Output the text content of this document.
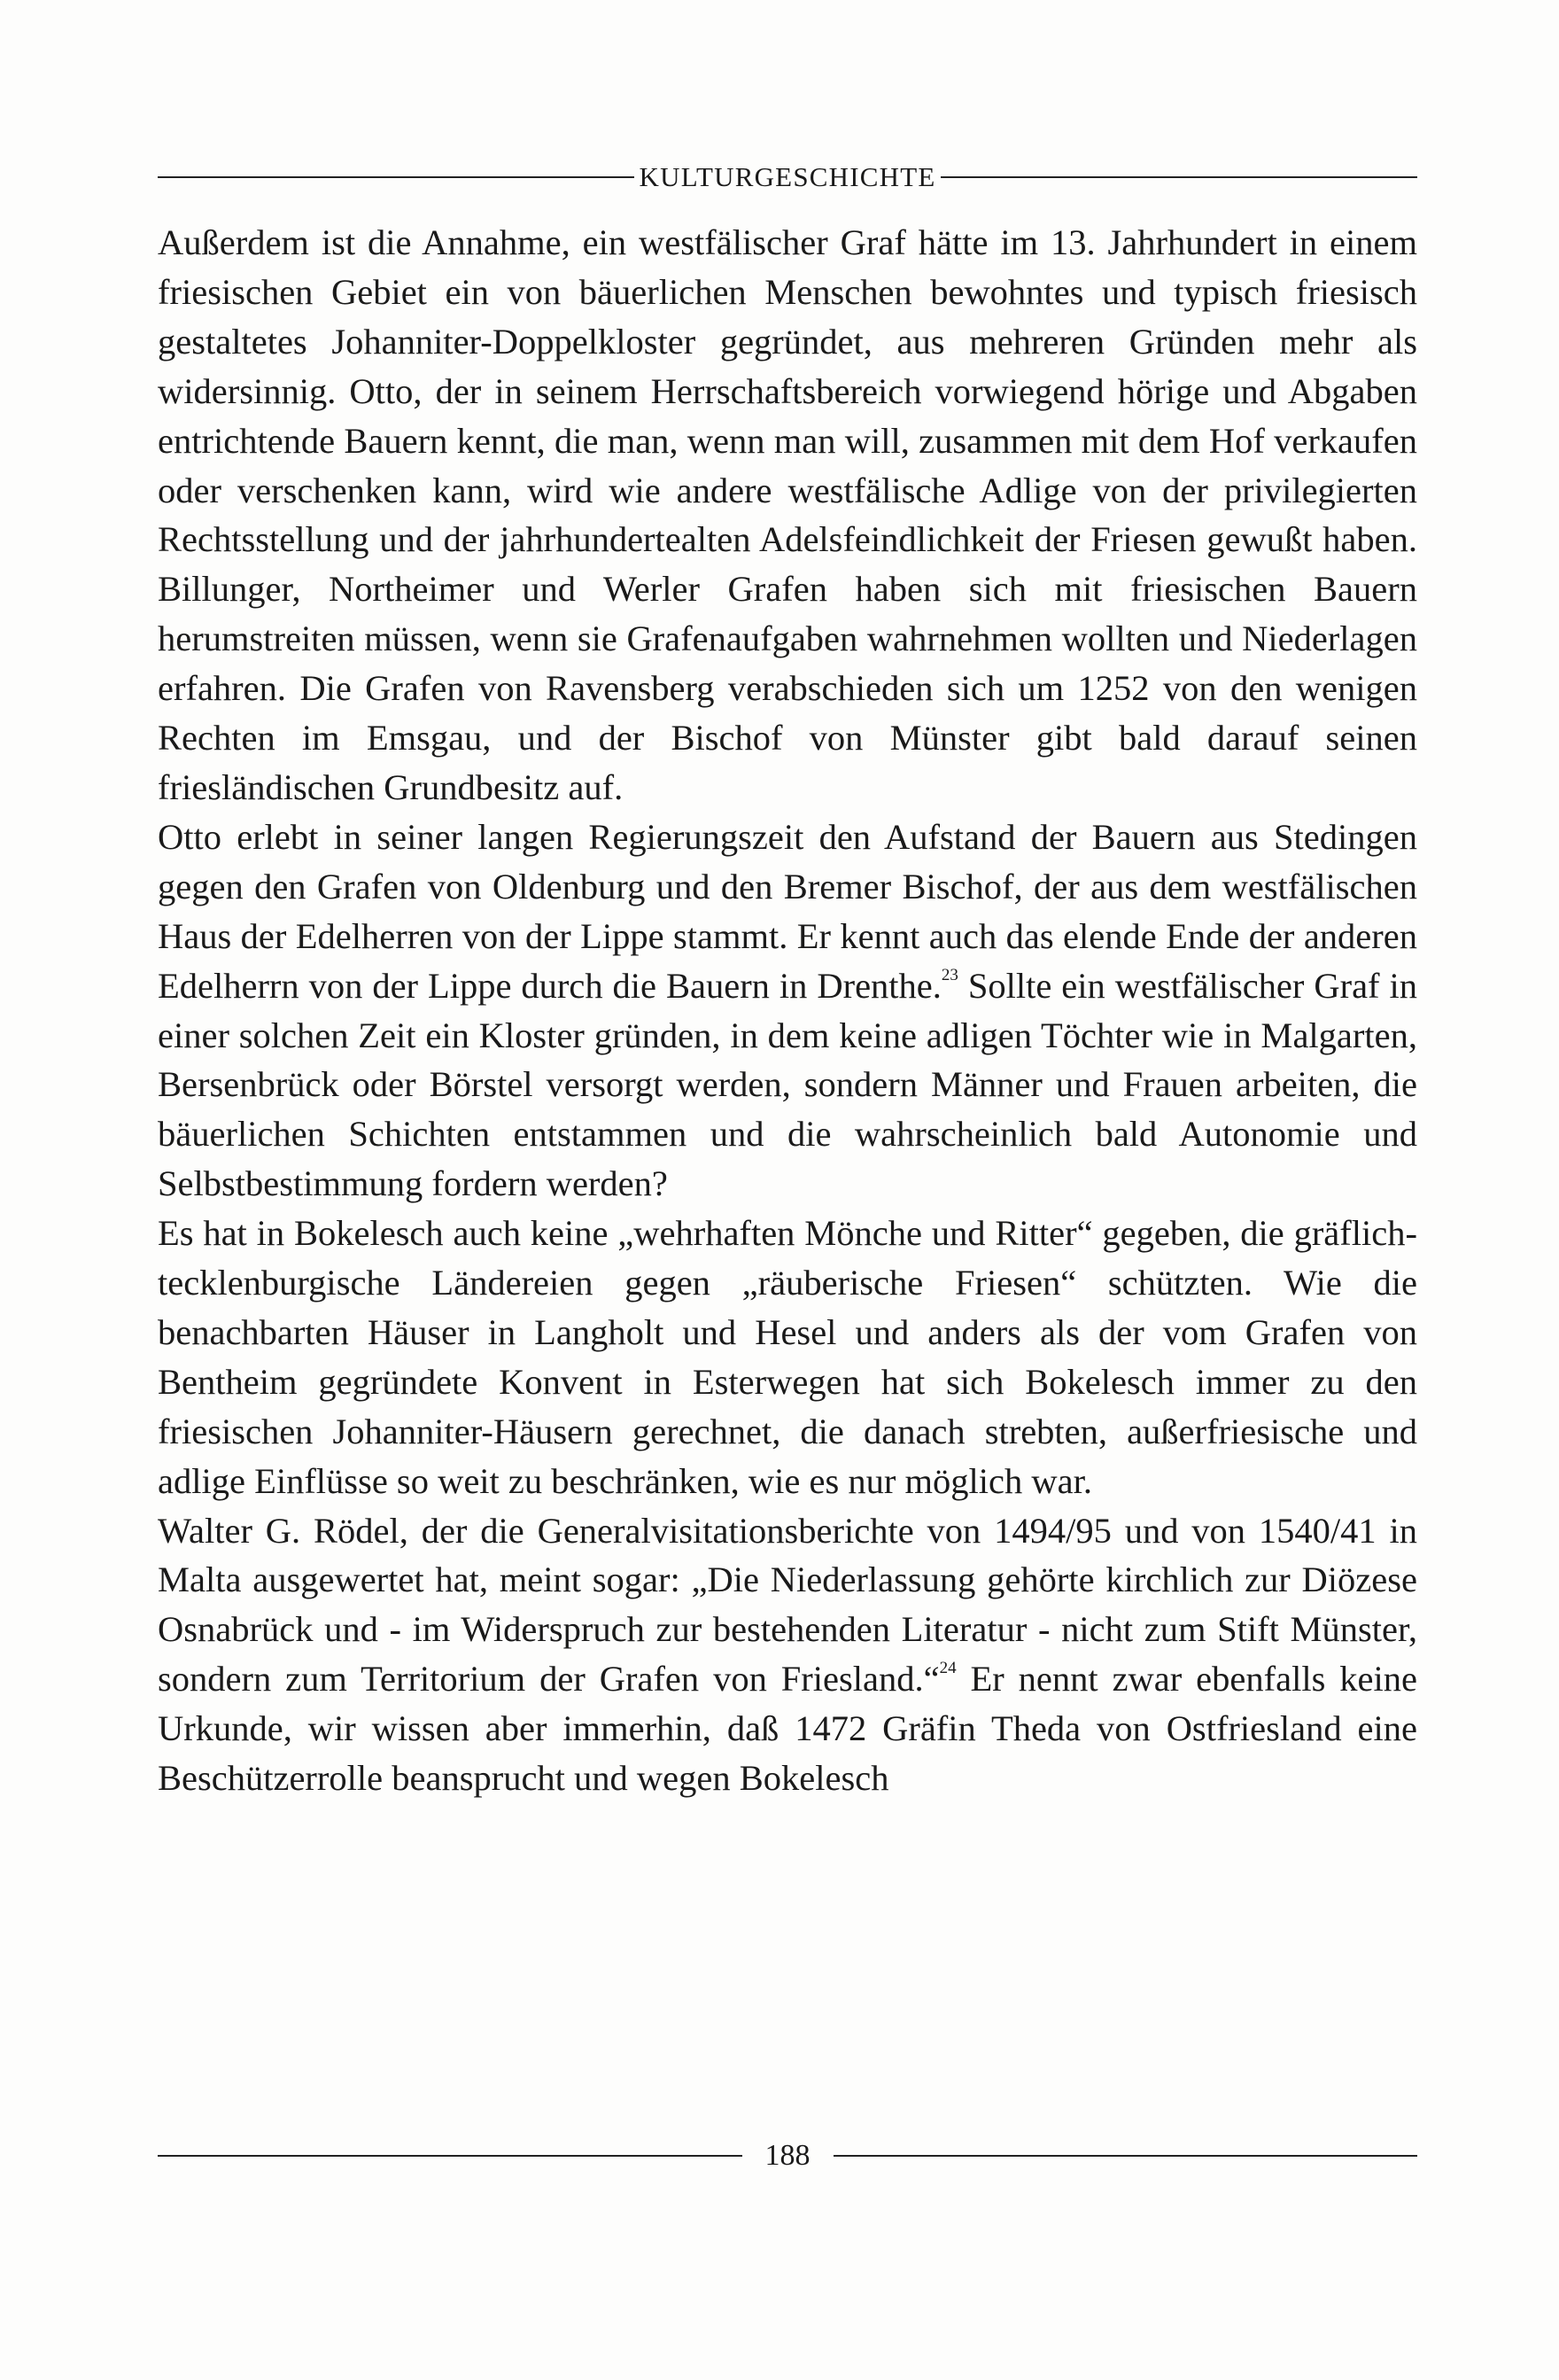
KULTURGESCHICHTE

Außerdem ist die Annahme, ein westfälischer Graf hätte im 13. Jahrhundert in einem friesischen Gebiet ein von bäuerlichen Menschen bewohntes und typisch friesisch gestaltetes Johanniter-Doppelkloster gegründet, aus mehreren Gründen mehr als widersinnig. Otto, der in seinem Herrschaftsbereich vorwiegend hörige und Abgaben entrichtende Bauern kennt, die man, wenn man will, zusammen mit dem Hof verkaufen oder verschenken kann, wird wie andere westfälische Adlige von der privilegierten Rechtsstellung und der jahrhundertealten Adelsfeindlichkeit der Friesen gewußt haben. Billunger, Northeimer und Werler Grafen haben sich mit friesischen Bauern herumstreiten müssen, wenn sie Grafenaufgaben wahrnehmen wollten und Niederlagen erfahren. Die Grafen von Ravensberg verabschieden sich um 1252 von den wenigen Rechten im Emsgau, und der Bischof von Münster gibt bald darauf seinen friesländischen Grundbesitz auf.

Otto erlebt in seiner langen Regierungszeit den Aufstand der Bauern aus Stedingen gegen den Grafen von Oldenburg und den Bremer Bischof, der aus dem westfälischen Haus der Edelherren von der Lippe stammt. Er kennt auch das elende Ende der anderen Edelherrn von der Lippe durch die Bauern in Drenthe.$^{23}$ Sollte ein westfälischer Graf in einer solchen Zeit ein Kloster gründen, in dem keine adligen Töchter wie in Malgarten, Bersenbrück oder Börstel versorgt werden, sondern Männer und Frauen arbeiten, die bäuerlichen Schichten entstammen und die wahrscheinlich bald Autonomie und Selbstbestimmung fordern werden?

Es hat in Bokelesch auch keine „wehrhaften Mönche und Ritter“ gegeben, die gräflich-tecklenburgische Ländereien gegen „räuberische Friesen“ schützten. Wie die benachbarten Häuser in Langholt und Hesel und anders als der vom Grafen von Bentheim gegründete Konvent in Esterwegen hat sich Bokelesch immer zu den friesischen Johanniter-Häusern gerechnet, die danach strebten, außerfriesische und adlige Einflüsse so weit zu beschränken, wie es nur möglich war.

Walter G. Rödel, der die Generalvisitationsberichte von 1494/95 und von 1540/41 in Malta ausgewertet hat, meint sogar: „Die Niederlassung gehörte kirchlich zur Diözese Osnabrück und - im Widerspruch zur bestehenden Literatur - nicht zum Stift Münster, sondern zum Territorium der Grafen von Friesland.“$^{24}$ Er nennt zwar ebenfalls keine Urkunde, wir wissen aber immerhin, daß 1472 Gräfin Theda von Ostfriesland eine Beschützerrolle beansprucht und wegen Bokelesch

188
